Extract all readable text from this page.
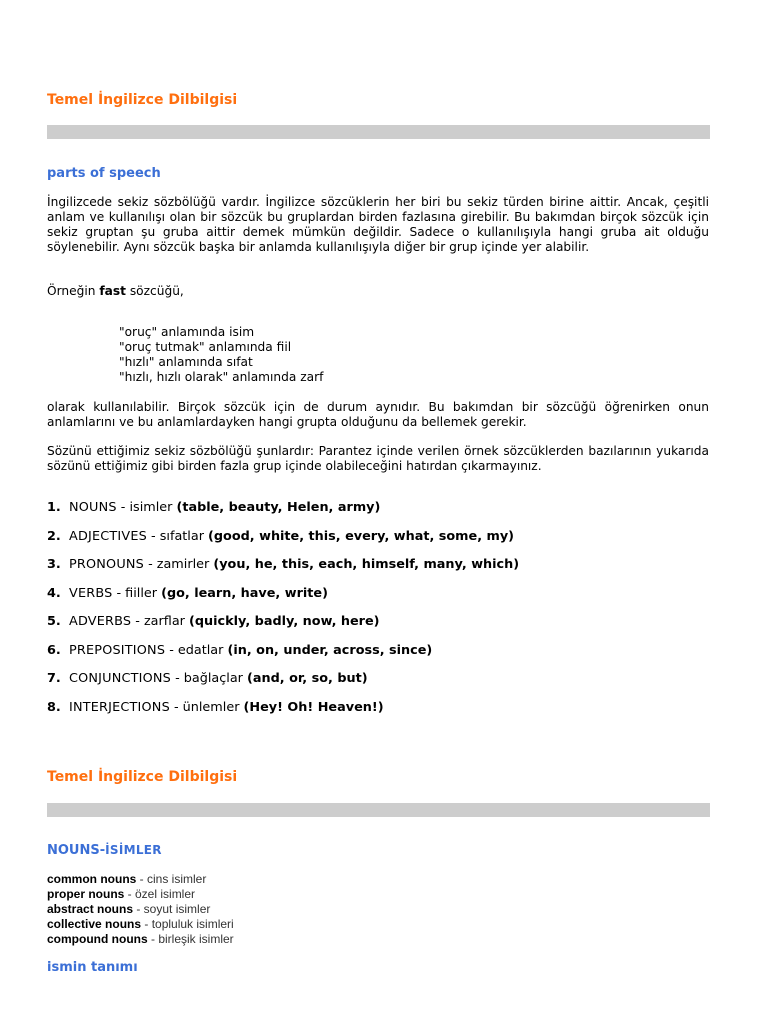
Temel İngilizce Dilbilgisi
parts of speech

İngilizcede sekiz sözbölüğü vardır. İngilizce sözcüklerin her biri bu sekiz türden birine aittir. Ancak, çeşitli anlam ve kullanılışı olan bir sözcük bu gruplardan birden fazlasına girebilir. Bu bakımdan birçok sözcük için sekiz gruptan şu gruba aittir demek mümkün değildir. Sadece o kullanılışıyla hangi gruba ait olduğu söylenebilir. Aynı sözcük başka bir anlamda kullanılışıyla diğer bir grup içinde yer alabilir.

Örneğin fast sözcüğü,

"oruç" anlamında isim
"oruç tutmak" anlamında fiil
"hızlı" anlamında sıfat
"hızlı, hızlı olarak" anlamında zarf

olarak kullanılabilir. Birçok sözcük için de durum aynıdır. Bu bakımdan bir sözcüğü öğrenirken onun anlamlarını ve bu anlamlardayken hangi grupta olduğunu da bellemek gerekir.

Sözünü ettiğimiz sekiz sözbölüğü şunlardır: Parantez içinde verilen örnek sözcüklerden bazılarının yukarıda sözünü ettiğimiz gibi birden fazla grup içinde olabileceğini hatırdan çıkarmayınız.

1. NOUNS - isimler (table, beauty, Helen, army)
2. ADJECTIVES - sıfatlar (good, white, this, every, what, some, my)
3. PRONOUNS - zamirler (you, he, this, each, himself, many, which)
4. VERBS - fiiller (go, learn, have, write)
5. ADVERBS - zarflar (quickly, badly, now, here)
6. PREPOSITIONS - edatlar (in, on, under, across, since)
7. CONJUNCTIONS - bağlaçlar (and, or, so, but)
8. INTERJECTIONS - ünlemler (Hey! Oh! Heaven!)
Temel İngilizce Dilbilgisi
NOUNS-İSİMLER
common nouns - cins isimler
proper nouns - özel isimler
abstract nouns - soyut isimler
collective nouns - topluluk isimleri
compound nouns - birleşik isimler
ismin tanımı
